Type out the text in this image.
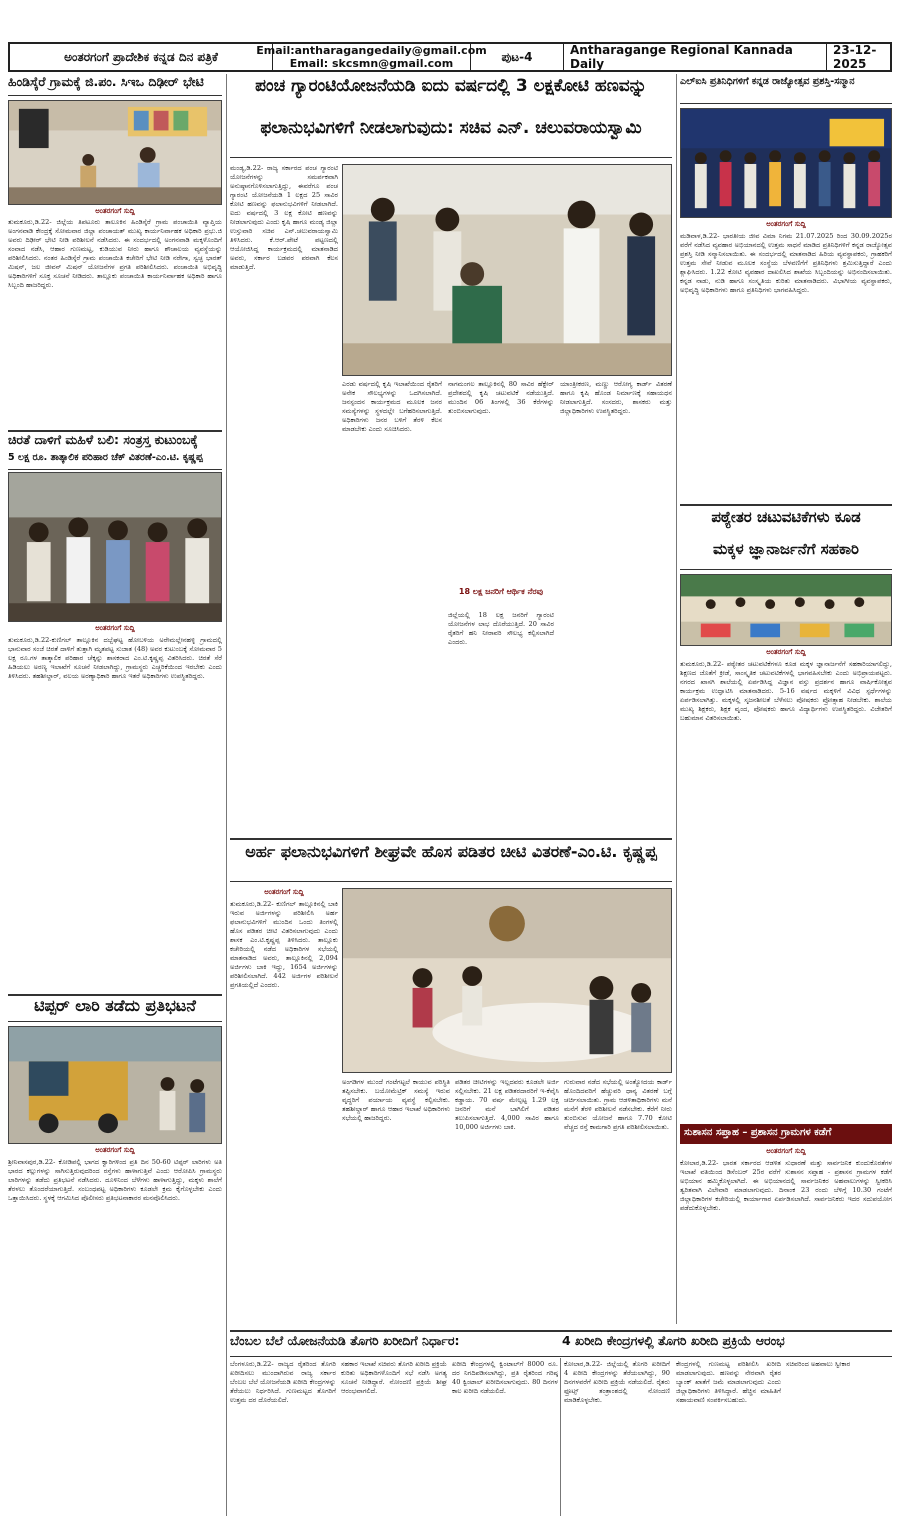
ಅಂತರಗಂಗೆ ಪ್ರಾದೇಶಿಕ ಕನ್ನಡ ದಿನ ಪತ್ರಿಕೆ	Email:antharagangedaily@gmail.com
Email: skcsmn@gmail.com	ಪುಟ-4	Antharagange Regional Kannada Daily
23-12-2025
ಹಿಂಡಿಸ್ಕೆರೆ ಗ್ರಾಮಕ್ಕೆ ಜಿ.ಪಂ. ಸಿಇಒ ದಿಢೀರ್ ಭೇಟಿ
ಅಂತರಗಂಗೆ ಸುದ್ದಿ
ತುಮಕೂರು,ಡಿ.22- ಜಿಲ್ಲೆಯ ತಿಪಟೂರು ತಾಲೂಕಿನ ಹಿಂಡಿಸ್ಕೆರೆ ಗ್ರಾಮ ಪಂಚಾಯಿತಿ ವ್ಯಾಪ್ತಿಯ ಅಂಗನವಾಡಿ ಕೇಂದ್ರಕ್ಕೆ ಸೋಮವಾರ ಜಿಲ್ಲಾ ಪಂಚಾಯತ್ ಮುಖ್ಯ ಕಾರ್ಯನಿರ್ವಾಹಕ ಅಧಿಕಾರಿ ಪ್ರಭು.ಜಿ ಅವರು ದಿಢೀರ್ ಭೇಟಿ ನೀಡಿ ಪರಿಶೀಲನೆ ನಡೆಸಿದರು. ಈ ಸಂದರ್ಭದಲ್ಲಿ ಅಂಗನವಾಡಿ ಮಕ್ಕಳೊಂದಿಗೆ ಸಂವಾದ ನಡೆಸಿ, ಆಹಾರ ಗುಣಮಟ್ಟ, ಕುಡಿಯುವ ನೀರು ಹಾಗೂ ಶೌಚಾಲಯ ವ್ಯವಸ್ಥೆಯನ್ನು ಪರಿಶೀಲಿಸಿದರು. ನಂತರ ಹಿಂಡಿಸ್ಕೆರೆ ಗ್ರಾಮ ಪಂಚಾಯಿತಿ ಕಚೇರಿಗೆ ಭೇಟಿ ನೀಡಿ ನರೇಗಾ, ಸ್ವಚ್ಛ ಭಾರತ್ ಮಿಷನ್, ಜಲ ಜೀವನ್ ಮಿಷನ್ ಯೋಜನೆಗಳ ಪ್ರಗತಿ ಪರಿಶೀಲಿಸಿದರು. ಪಂಚಾಯಿತಿ ಅಭಿವೃದ್ಧಿ ಅಧಿಕಾರಿಗಳಿಗೆ ಸೂಕ್ತ ಸೂಚನೆ ನೀಡಿದರು. ತಾಲ್ಲೂಕು ಪಂಚಾಯಿತಿ ಕಾರ್ಯನಿರ್ವಾಹಕ ಅಧಿಕಾರಿ ಹಾಗೂ ಸಿಬ್ಬಂದಿ ಹಾಜರಿದ್ದರು.
ಚಿರತೆ ದಾಳಿಗೆ ಮಹಿಳೆ ಬಲಿ: ಸಂತ್ರಸ್ತ ಕುಟುಂಬಕ್ಕೆ
5 ಲಕ್ಷ ರೂ. ತಾತ್ಕಾಲಿಕ ಪರಿಹಾರ ಚೆಕ್ ವಿತರಣೆ-ಎಂ.ಟಿ. ಕೃಷ್ಣಪ್ಪ
ಅಂತರಗಂಗೆ ಸುದ್ದಿ
ತುಮಕೂರು,ಡಿ.22-ಕುಣಿಗಲ್ ತಾಲ್ಲೂಕಿನ ದಬ್ಬೆಘಟ್ಟ ಹೋಬಳಿಯ ಅರೇಮಲ್ಲೇನಹಳ್ಳಿ ಗ್ರಾಮದಲ್ಲಿ ಭಾನುವಾರ ಸಂಜೆ ಚಿರತೆ ದಾಳಿಗೆ ತುತ್ತಾಗಿ ಮೃತಪಟ್ಟ ಸುಜಾತ (48) ಅವರ ಕುಟುಂಬಕ್ಕೆ ಸೋಮವಾರ 5 ಲಕ್ಷ ರೂ.ಗಳ ತಾತ್ಕಾಲಿಕ ಪರಿಹಾರ ಚೆಕ್ಕನ್ನು ಶಾಸಕರಾದ ಎಂ.ಟಿ.ಕೃಷ್ಣಪ್ಪ ವಿತರಿಸಿದರು. ಚಿರತೆ ಸೆರೆ ಹಿಡಿಯಲು ಅರಣ್ಯ ಇಲಾಖೆಗೆ ಸೂಚನೆ ನೀಡಲಾಗಿದ್ದು, ಗ್ರಾಮಸ್ಥರು ಎಚ್ಚರಿಕೆಯಿಂದ ಇರಬೇಕು ಎಂದು ತಿಳಿಸಿದರು. ತಹಶೀಲ್ದಾರ್, ವಲಯ ಅರಣ್ಯಾಧಿಕಾರಿ ಹಾಗೂ ಇತರೆ ಅಧಿಕಾರಿಗಳು ಉಪಸ್ಥಿತರಿದ್ದರು.
ಟಿಪ್ಪರ್ ಲಾರಿ ತಡೆದು ಪ್ರತಿಭಟನೆ
ಅಂತರಗಂಗೆ ಸುದ್ದಿ
ಶ್ರೀನಿವಾಸಪುರ,ಡಿ.22- ಕೋಡಿಪಲ್ಲಿ ಭಾಗದ ಕ್ವಾರಿಗಳಿಂದ ಪ್ರತಿ ದಿನ 50-60 ಟಿಪ್ಪರ್ ಲಾರಿಗಳು ಅತಿ ಭಾರದ ಕಲ್ಲುಗಳನ್ನು ಸಾಗಿಸುತ್ತಿರುವುದರಿಂದ ರಸ್ತೆಗಳು ಹಾಳಾಗುತ್ತಿವೆ ಎಂದು ಆರೋಪಿಸಿ ಗ್ರಾಮಸ್ಥರು ಲಾರಿಗಳನ್ನು ತಡೆದು ಪ್ರತಿಭಟನೆ ನಡೆಸಿದರು. ದೂಳಿನಿಂದ ಬೆಳೆಗಳು ಹಾಳಾಗುತ್ತಿದ್ದು, ಮಕ್ಕಳು ಶಾಲೆಗೆ ತೆರಳಲು ತೊಂದರೆಯಾಗುತ್ತಿದೆ. ಸಂಬಂಧಪಟ್ಟ ಅಧಿಕಾರಿಗಳು ಕೂಡಲೇ ಕ್ರಮ ಕೈಗೊಳ್ಳಬೇಕು ಎಂದು ಒತ್ತಾಯಿಸಿದರು. ಸ್ಥಳಕ್ಕೆ ಆಗಮಿಸಿದ ಪೊಲೀಸರು ಪ್ರತಿಭಟನಾಕಾರರ ಮನವೊಲಿಸಿದರು.
ಪಂಚ ಗ್ಯಾರಂಟಿಯೋಜನೆಯಡಿ ಐದು ವರ್ಷದಲ್ಲಿ 3 ಲಕ್ಷಕೋಟಿ ಹಣವನ್ನು
ಫಲಾನುಭವಿಗಳಿಗೆ ನೀಡಲಾಗುವುದು: ಸಚಿವ ಎನ್. ಚಲುವರಾಯಸ್ವಾಮಿ
ಮಂಡ್ಯ,ಡಿ.22- ರಾಜ್ಯ ಸರ್ಕಾರದ ಪಂಚ ಗ್ಯಾರಂಟಿ ಯೋಜನೆಗಳನ್ನು ಸಮರ್ಪಕವಾಗಿ ಅನುಷ್ಠಾನಗೊಳಿಸಲಾಗುತ್ತಿದ್ದು, ಈವರೆಗೂ ಪಂಚ ಗ್ಯಾರಂಟಿ ಯೋಜನೆಯಡಿ 1 ಲಕ್ಷದ 25 ಸಾವಿರ ಕೋಟಿ ಹಣವನ್ನು ಫಲಾನುಭವಿಗಳಿಗೆ ನೀಡಲಾಗಿದೆ. ಐದು ವರ್ಷದಲ್ಲಿ 3 ಲಕ್ಷ ಕೋಟಿ ಹಣವನ್ನು ನೀಡಲಾಗುವುದು ಎಂದು ಕೃಷಿ ಹಾಗೂ ಮಂಡ್ಯ ಜಿಲ್ಲಾ ಉಸ್ತುವಾರಿ ಸಚಿವ ಎನ್.ಚಲುವರಾಯಸ್ವಾಮಿ ತಿಳಿಸಿದರು. ಕೆ.ಆರ್.ಪೇಟೆ ಪಟ್ಟಣದಲ್ಲಿ ಆಯೋಜಿಸಿದ್ದ ಕಾರ್ಯಕ್ರಮದಲ್ಲಿ ಮಾತನಾಡಿದ ಅವರು, ಸರ್ಕಾರ ಬಡವರ ಪರವಾಗಿ ಕೆಲಸ ಮಾಡುತ್ತಿದೆ.
ಎರಡು ವರ್ಷದಲ್ಲಿ ಕೃಷಿ ಇಲಾಖೆಯಿಂದ ರೈತರಿಗೆ ಅನೇಕ ಸೌಲಭ್ಯಗಳನ್ನು ಒದಗಿಸಲಾಗಿದೆ. ಜನಸ್ಪಂದನ ಕಾರ್ಯಕ್ರಮದ ಮೂಲಕ ಜನರ ಸಮಸ್ಯೆಗಳನ್ನು ಸ್ಥಳದಲ್ಲೇ ಬಗೆಹರಿಸಲಾಗುತ್ತಿದೆ. ಅಧಿಕಾರಿಗಳು ಜನರ ಬಳಿಗೆ ತೆರಳಿ ಕೆಲಸ ಮಾಡಬೇಕು ಎಂದು ಸೂಚಿಸಿದರು.
ನಾಗಮಂಗಲ ತಾಲ್ಲೂಕಿನಲ್ಲಿ 80 ಸಾವಿರ ಹೆಕ್ಟೇರ್ ಪ್ರದೇಶದಲ್ಲಿ ಕೃಷಿ ಚಟುವಟಿಕೆ ನಡೆಯುತ್ತಿದೆ. ಮುಂದಿನ 06 ತಿಂಗಳಲ್ಲಿ 36 ಕೆರೆಗಳನ್ನು ತುಂಬಿಸಲಾಗುವುದು.
18 ಲಕ್ಷ ಜನರಿಗೆ ಆರ್ಥಿಕ ನೆರವು
ಜಿಲ್ಲೆಯಲ್ಲಿ 18 ಲಕ್ಷ ಜನರಿಗೆ ಗ್ಯಾರಂಟಿ ಯೋಜನೆಗಳ ಲಾಭ ದೊರೆಯುತ್ತಿದೆ. 20 ಸಾವಿರ ರೈತರಿಗೆ ಹನಿ ನೀರಾವರಿ ಸೌಲಭ್ಯ ಕಲ್ಪಿಸಲಾಗಿದೆ ಎಂದರು.
ಯಾಂತ್ರೀಕರಣ, ಮಣ್ಣು ಆರೋಗ್ಯ ಕಾರ್ಡ್ ವಿತರಣೆ ಹಾಗೂ ಕೃಷಿ ಹೊಂಡ ನಿರ್ಮಾಣಕ್ಕೆ ಸಹಾಯಧನ ನೀಡಲಾಗುತ್ತಿದೆ. ಸಂಸದರು, ಶಾಸಕರು ಮತ್ತು ಜಿಲ್ಲಾಧಿಕಾರಿಗಳು ಉಪಸ್ಥಿತರಿದ್ದರು.
ಅರ್ಹ ಫಲಾನುಭವಿಗಳಿಗೆ ಶೀಘ್ರವೇ ಹೊಸ ಪಡಿತರ ಚೀಟಿ ವಿತರಣೆ-ಎಂ.ಟಿ. ಕೃಷ್ಣಪ್ಪ
ಅಂತರಗಂಗೆ ಸುದ್ದಿ
ತುಮಕೂರು,ಡಿ.22- ಕುಣಿಗಲ್ ತಾಲ್ಲೂಕಿನಲ್ಲಿ ಬಾಕಿ ಇರುವ ಅರ್ಜಿಗಳನ್ನು ಪರಿಶೀಲಿಸಿ ಅರ್ಹ ಫಲಾನುಭವಿಗಳಿಗೆ ಮುಂದಿನ ಒಂದು ತಿಂಗಳಲ್ಲಿ ಹೊಸ ಪಡಿತರ ಚೀಟಿ ವಿತರಿಸಲಾಗುವುದು ಎಂದು ಶಾಸಕ ಎಂ.ಟಿ.ಕೃಷ್ಣಪ್ಪ ತಿಳಿಸಿದರು. ತಾಲ್ಲೂಕು ಕಚೇರಿಯಲ್ಲಿ ನಡೆದ ಅಧಿಕಾರಿಗಳ ಸಭೆಯಲ್ಲಿ ಮಾತನಾಡಿದ ಅವರು, ತಾಲ್ಲೂಕಿನಲ್ಲಿ 2,094 ಅರ್ಜಿಗಳು ಬಾಕಿ ಇದ್ದು, 1654 ಅರ್ಜಿಗಳನ್ನು ಪರಿಶೀಲಿಸಲಾಗಿದೆ. 442 ಅರ್ಜಿಗಳ ಪರಿಶೀಲನೆ ಪ್ರಗತಿಯಲ್ಲಿದೆ ಎಂದರು.
ಅಂಗಡಿಗಳ ಮುಂದೆ ಗಂಟೆಗಟ್ಟಲೆ ಕಾಯುವ ಪರಿಸ್ಥಿತಿ ತಪ್ಪಿಸಬೇಕು. ಬಯೋಮೆಟ್ರಿಕ್ ಸಮಸ್ಯೆ ಇರುವ ವೃದ್ಧರಿಗೆ ಪರ್ಯಾಯ ವ್ಯವಸ್ಥೆ ಕಲ್ಪಿಸಬೇಕು. ತಹಶೀಲ್ದಾರ್ ಹಾಗೂ ಆಹಾರ ಇಲಾಖೆ ಅಧಿಕಾರಿಗಳು ಸಭೆಯಲ್ಲಿ ಹಾಜರಿದ್ದರು.
ಪಡಿತರ ಚೀಟಿಗಳನ್ನು ಇಲ್ಲದವರು ಕೂಡಲೇ ಅರ್ಜಿ ಸಲ್ಲಿಸಬೇಕು. 21 ಲಕ್ಷ ಪಡಿತರದಾರರಿಗೆ ಇ-ಕೆವೈಸಿ ಕಡ್ಡಾಯ. 70 ವರ್ಷ ಮೇಲ್ಪಟ್ಟ 1.29 ಲಕ್ಷ ಜನರಿಗೆ ಮನೆ ಬಾಗಿಲಿಗೆ ಪಡಿತರ ತಲುಪಿಸಲಾಗುತ್ತಿದೆ. 4,000 ಸಾವಿರ ಹಾಗೂ 10,000 ಅರ್ಜಿಗಳು ಬಾಕಿ.
ಗುರುವಾರ ನಡೆದ ಸಭೆಯಲ್ಲಿ ಅಂತ್ಯೋದಯ ಕಾರ್ಡ್ ಹೊಂದಿದವರಿಗೆ ಹೆಚ್ಚುವರಿ ಧಾನ್ಯ ವಿತರಣೆ ಬಗ್ಗೆ ಚರ್ಚಿಸಲಾಯಿತು. ಗ್ರಾಮ ಆಡಳಿತಾಧಿಕಾರಿಗಳು ಮನೆ ಮನೆಗೆ ತೆರಳಿ ಪರಿಶೀಲನೆ ನಡೆಸಬೇಕು. ಕೆರೆಗೆ ನೀರು ತುಂಬಿಸುವ ಯೋಜನೆ ಹಾಗೂ 7.70 ಕೋಟಿ ವೆಚ್ಚದ ರಸ್ತೆ ಕಾಮಗಾರಿ ಪ್ರಗತಿ ಪರಿಶೀಲಿಸಲಾಯಿತು.
ಎಲ್‌ಐಸಿ ಪ್ರತಿನಿಧಿಗಳಿಗೆ ಕನ್ನಡ ರಾಜ್ಯೋತ್ಸವ ಪ್ರಶಸ್ತಿ-ಸನ್ಮಾನ
ಅಂತರಗಂಗೆ ಸುದ್ದಿ
ಮಡಿವಾಳ,ಡಿ.22- ಭಾರತೀಯ ಜೀವ ವಿಮಾ ನಿಗಮ 21.07.2025 ರಿಂದ 30.09.2025ರ ವರೆಗೆ ನಡೆಸಿದ ವ್ಯವಹಾರ ಅಭಿಯಾನದಲ್ಲಿ ಉತ್ತಮ ಸಾಧನೆ ಮಾಡಿದ ಪ್ರತಿನಿಧಿಗಳಿಗೆ ಕನ್ನಡ ರಾಜ್ಯೋತ್ಸವ ಪ್ರಶಸ್ತಿ ನೀಡಿ ಸನ್ಮಾನಿಸಲಾಯಿತು. ಈ ಸಂದರ್ಭದಲ್ಲಿ ಮಾತನಾಡಿದ ಹಿರಿಯ ವ್ಯವಸ್ಥಾಪಕರು, ಗ್ರಾಹಕರಿಗೆ ಉತ್ತಮ ಸೇವೆ ನೀಡುವ ಮೂಲಕ ಸಂಸ್ಥೆಯ ಬೆಳವಣಿಗೆಗೆ ಪ್ರತಿನಿಧಿಗಳು ಶ್ರಮಿಸುತ್ತಿದ್ದಾರೆ ಎಂದು ಶ್ಲಾಘಿಸಿದರು. 1.22 ಕೋಟಿ ವ್ಯವಹಾರ ದಾಖಲಿಸಿದ ಶಾಖೆಯ ಸಿಬ್ಬಂದಿಯನ್ನು ಅಭಿನಂದಿಸಲಾಯಿತು. ಕನ್ನಡ ನಾಡು, ನುಡಿ ಹಾಗೂ ಸಂಸ್ಕೃತಿಯ ಕುರಿತು ಮಾತನಾಡಿದರು. ವಿಭಾಗೀಯ ವ್ಯವಸ್ಥಾಪಕರು, ಅಭಿವೃದ್ಧಿ ಅಧಿಕಾರಿಗಳು ಹಾಗೂ ಪ್ರತಿನಿಧಿಗಳು ಭಾಗವಹಿಸಿದ್ದರು.
ಪಠ್ಯೇತರ ಚಟುವಟಿಕೆಗಳು ಕೂಡ
ಮಕ್ಕಳ ಜ್ಞಾನಾರ್ಜನೆಗೆ ಸಹಕಾರಿ
ಅಂತರಗಂಗೆ ಸುದ್ದಿ
ತುಮಕೂರು,ಡಿ.22- ಪಠ್ಯೇತರ ಚಟುವಟಿಕೆಗಳೂ ಕೂಡ ಮಕ್ಕಳ ಜ್ಞಾನಾರ್ಜನೆಗೆ ಸಹಕಾರಿಯಾಗಲಿದ್ದು, ಶಿಕ್ಷಣದ ಜೊತೆಗೆ ಕ್ರೀಡೆ, ಸಾಂಸ್ಕೃತಿಕ ಚಟುವಟಿಕೆಗಳಲ್ಲಿ ಭಾಗವಹಿಸಬೇಕು ಎಂದು ಅಭಿಪ್ರಾಯಪಟ್ಟರು. ನಗರದ ಖಾಸಗಿ ಶಾಲೆಯಲ್ಲಿ ಏರ್ಪಡಿಸಿದ್ದ ವಿಜ್ಞಾನ ವಸ್ತು ಪ್ರದರ್ಶನ ಹಾಗೂ ವಾರ್ಷಿಕೋತ್ಸವ ಕಾರ್ಯಕ್ರಮ ಉದ್ಘಾಟಿಸಿ ಮಾತನಾಡಿದರು. 5-16 ವರ್ಷದ ಮಕ್ಕಳಿಗೆ ವಿವಿಧ ಸ್ಪರ್ಧೆಗಳನ್ನು ಏರ್ಪಡಿಸಲಾಗಿತ್ತು. ಮಕ್ಕಳಲ್ಲಿ ಸೃಜನಶೀಲತೆ ಬೆಳೆಸಲು ಪೋಷಕರು ಪ್ರೋತ್ಸಾಹ ನೀಡಬೇಕು. ಶಾಲೆಯ ಮುಖ್ಯ ಶಿಕ್ಷಕರು, ಶಿಕ್ಷಕ ವೃಂದ, ಪೋಷಕರು ಹಾಗೂ ವಿದ್ಯಾರ್ಥಿಗಳು ಉಪಸ್ಥಿತರಿದ್ದರು. ವಿಜೇತರಿಗೆ ಬಹುಮಾನ ವಿತರಿಸಲಾಯಿತು.
ಸುಶಾಸನ ಸಪ್ತಾಹ – ಪ್ರಶಾಸನ ಗ್ರಾಮಗಳ ಕಡೆಗೆ
ಅಂತರಗಂಗೆ ಸುದ್ದಿ
ಕೋಲಾರ,ಡಿ.22- ಭಾರತ ಸರ್ಕಾರದ ಆಡಳಿತ ಸುಧಾರಣೆ ಮತ್ತು ಸಾರ್ವಜನಿಕ ಕುಂದುಕೊರತೆಗಳ ಇಲಾಖೆ ವತಿಯಿಂದ ಡಿಸೆಂಬರ್ 25ರ ವರೆಗೆ ಸುಶಾಸನ ಸಪ್ತಾಹ - ಪ್ರಶಾಸನ ಗ್ರಾಮಗಳ ಕಡೆಗೆ ಅಭಿಯಾನ ಹಮ್ಮಿಕೊಳ್ಳಲಾಗಿದೆ. ಈ ಅಭಿಯಾನದಲ್ಲಿ ಸಾರ್ವಜನಿಕರ ಅಹವಾಲುಗಳನ್ನು ಸ್ವೀಕರಿಸಿ ತ್ವರಿತವಾಗಿ ವಿಲೇವಾರಿ ಮಾಡಲಾಗುವುದು. ದಿನಾಂಕ 23 ರಂದು ಬೆಳಿಗ್ಗೆ 10.30 ಗಂಟೆಗೆ ಜಿಲ್ಲಾಧಿಕಾರಿಗಳ ಕಚೇರಿಯಲ್ಲಿ ಕಾರ್ಯಾಗಾರ ಏರ್ಪಡಿಸಲಾಗಿದೆ. ಸಾರ್ವಜನಿಕರು ಇದರ ಸದುಪಯೋಗ ಪಡೆದುಕೊಳ್ಳಬೇಕು.
ಬೆಂಬಲ ಬೆಲೆ ಯೋಜನೆಯಡಿ ತೊಗರಿ ಖರೀದಿಗೆ ನಿರ್ಧಾರ:	4 ಖರೀದಿ ಕೇಂದ್ರಗಳಲ್ಲಿ ತೊಗರಿ ಖರೀದಿ ಪ್ರಕ್ರಿಯೆ ಆರಂಭ
ಬೆಂಗಳೂರು,ಡಿ.22- ರಾಜ್ಯದ ರೈತರಿಂದ ತೊಗರಿ ಖರೀದಿಸಲು ಮುಂದಾಗಿರುವ ರಾಜ್ಯ ಸರ್ಕಾರ ಬೆಂಬಲ ಬೆಲೆ ಯೋಜನೆಯಡಿ ಖರೀದಿ ಕೇಂದ್ರಗಳನ್ನು ತೆರೆಯಲು ನಿರ್ಧರಿಸಿದೆ. ಗುಣಮಟ್ಟದ ತೊಗರಿಗೆ ಉತ್ತಮ ದರ ದೊರೆಯಲಿದೆ.
ಸಹಕಾರ ಇಲಾಖೆ ಸಚಿವರು ತೊಗರಿ ಖರೀದಿ ಪ್ರಕ್ರಿಯೆ ಕುರಿತು ಅಧಿಕಾರಿಗಳೊಂದಿಗೆ ಸಭೆ ನಡೆಸಿ ಅಗತ್ಯ ಸೂಚನೆ ನೀಡಿದ್ದಾರೆ. ನೋಂದಣಿ ಪ್ರಕ್ರಿಯೆ ಶೀಘ್ರ ಆರಂಭವಾಗಲಿದೆ.
ಖರೀದಿ ಕೇಂದ್ರಗಳಲ್ಲಿ ಕ್ವಿಂಟಾಲ್‌ಗೆ 8000 ರೂ. ದರ ನಿಗದಿಪಡಿಸಲಾಗಿದ್ದು, ಪ್ರತಿ ರೈತರಿಂದ ಗರಿಷ್ಠ 40 ಕ್ವಿಂಟಾಲ್ ಖರೀದಿಸಲಾಗುವುದು. 80 ದಿನಗಳ ಕಾಲ ಖರೀದಿ ನಡೆಯಲಿದೆ.
ಕೋಲಾರ,ಡಿ.22- ಜಿಲ್ಲೆಯಲ್ಲಿ ತೊಗರಿ ಖರೀದಿಗೆ 4 ಖರೀದಿ ಕೇಂದ್ರಗಳನ್ನು ತೆರೆಯಲಾಗಿದ್ದು, 90 ದಿನಗಳವರೆಗೆ ಖರೀದಿ ಪ್ರಕ್ರಿಯೆ ನಡೆಯಲಿದೆ. ರೈತರು ಫ್ರೂಟ್ಸ್ ತಂತ್ರಾಂಶದಲ್ಲಿ ನೋಂದಣಿ ಮಾಡಿಕೊಳ್ಳಬೇಕು.
ಕೇಂದ್ರಗಳಲ್ಲಿ ಗುಣಮಟ್ಟ ಪರಿಶೀಲಿಸಿ ಖರೀದಿ ಮಾಡಲಾಗುವುದು. ಹಣವನ್ನು ನೇರವಾಗಿ ರೈತರ ಬ್ಯಾಂಕ್ ಖಾತೆಗೆ ಜಮೆ ಮಾಡಲಾಗುವುದು ಎಂದು ಜಿಲ್ಲಾಧಿಕಾರಿಗಳು ತಿಳಿಸಿದ್ದಾರೆ. ಹೆಚ್ಚಿನ ಮಾಹಿತಿಗೆ ಸಹಾಯವಾಣಿ ಸಂಪರ್ಕಿಸಬಹುದು.
ಸಚಿವರಿಂದ ಅಹವಾಲು ಸ್ವೀಕಾರ
